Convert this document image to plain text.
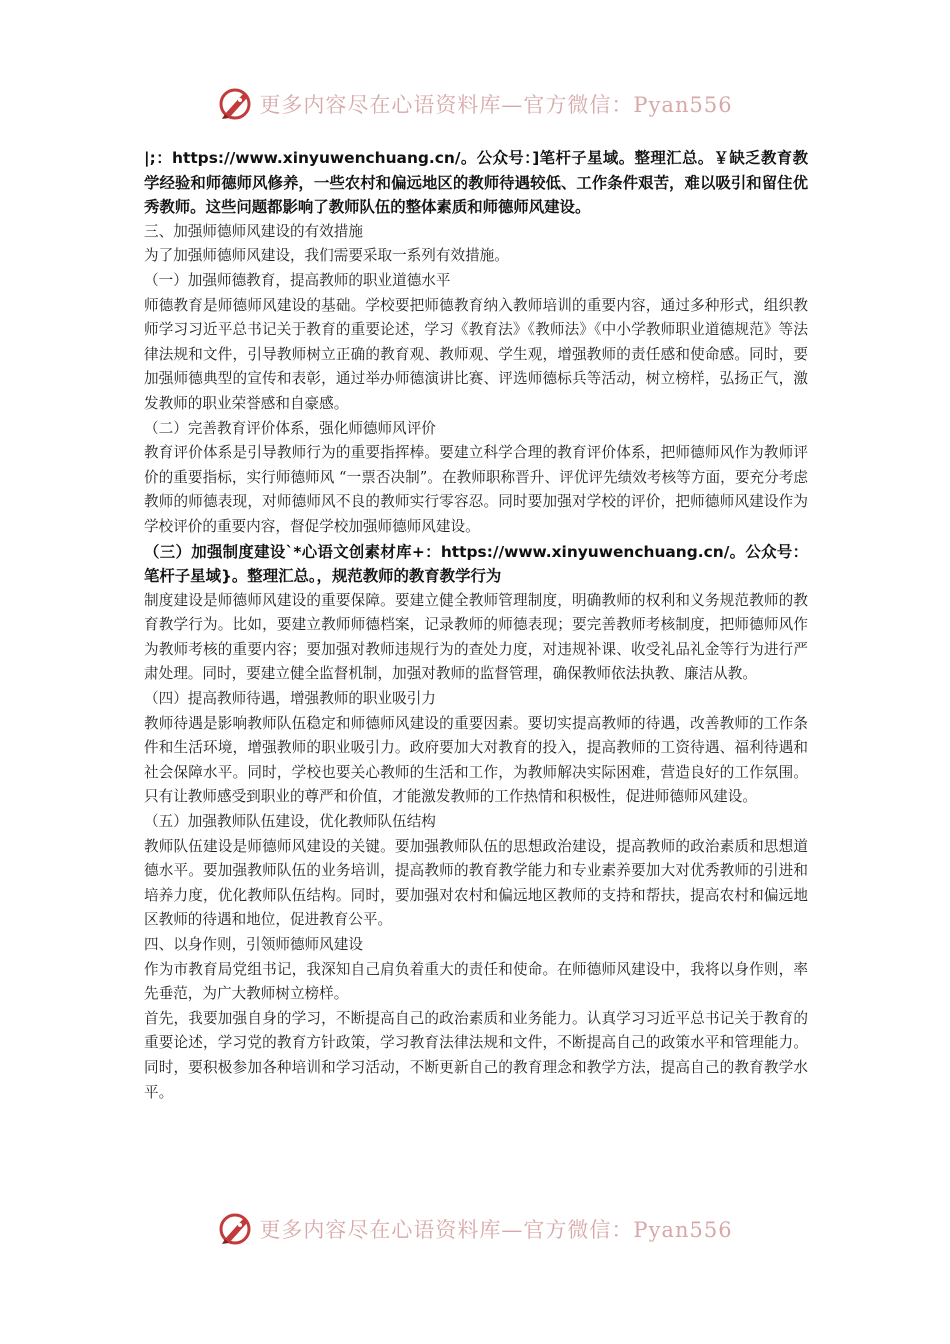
更多内容尽在心语资料库—官方微信：Pyan556

|;：https://www.xinyuwenchuang.cn/。公众号：]笔杆子星域。整理汇总。￥缺乏教育教学经验和师德师风修养，一些农村和偏远地区的教师待遇较低、工作条件艰苦，难以吸引和留住优秀教师。这些问题都影响了教师队伍的整体素质和师德师风建设。

三、加强师德师风建设的有效措施

为了加强师德师风建设，我们需要采取一系列有效措施。

（一）加强师德教育，提高教师的职业道德水平

师德教育是师德师风建设的基础。学校要把师德教育纳入教师培训的重要内容，通过多种形式，组织教师学习习近平总书记关于教育的重要论述，学习《教育法》《教师法》《中小学教师职业道德规范》等法律法规和文件，引导教师树立正确的教育观、教师观、学生观，增强教师的责任感和使命感。同时，要加强师德典型的宣传和表彰，通过举办师德演讲比赛、评选师德标兵等活动，树立榜样，弘扬正气，激发教师的职业荣誉感和自豪感。

（二）完善教育评价体系，强化师德师风评价

教育评价体系是引导教师行为的重要指挥棒。要建立科学合理的教育评价体系，把师德师风作为教师评价的重要指标，实行师德师风 “一票否决制”。在教师职称晋升、评优评先绩效考核等方面，要充分考虑教师的师德表现，对师德师风不良的教师实行零容忍。同时要加强对学校的评价，把师德师风建设作为学校评价的重要内容，督促学校加强师德师风建设。

（三）加强制度建设`*心语文创素材库+：https://www.xinyuwenchuang.cn/。公众号：笔杆子星域}。整理汇总。，规范教师的教育教学行为

制度建设是师德师风建设的重要保障。要建立健全教师管理制度，明确教师的权利和义务规范教师的教育教学行为。比如，要建立教师师德档案，记录教师的师德表现；要完善教师考核制度，把师德师风作为教师考核的重要内容；要加强对教师违规行为的查处力度，对违规补课、收受礼品礼金等行为进行严肃处理。同时，要建立健全监督机制，加强对教师的监督管理，确保教师依法执教、廉洁从教。

（四）提高教师待遇，增强教师的职业吸引力

教师待遇是影响教师队伍稳定和师德师风建设的重要因素。要切实提高教师的待遇，改善教师的工作条件和生活环境，增强教师的职业吸引力。政府要加大对教育的投入，提高教师的工资待遇、福利待遇和社会保障水平。同时，学校也要关心教师的生活和工作，为教师解决实际困难，营造良好的工作氛围。只有让教师感受到职业的尊严和价值，才能激发教师的工作热情和积极性，促进师德师风建设。

（五）加强教师队伍建设，优化教师队伍结构

教师队伍建设是师德师风建设的关键。要加强教师队伍的思想政治建设，提高教师的政治素质和思想道德水平。要加强教师队伍的业务培训，提高教师的教育教学能力和专业素养要加大对优秀教师的引进和培养力度，优化教师队伍结构。同时，要加强对农村和偏远地区教师的支持和帮扶，提高农村和偏远地区教师的待遇和地位，促进教育公平。

四、以身作则，引领师德师风建设

作为市教育局党组书记，我深知自己肩负着重大的责任和使命。在师德师风建设中，我将以身作则，率先垂范，为广大教师树立榜样。

首先，我要加强自身的学习，不断提高自己的政治素质和业务能力。认真学习习近平总书记关于教育的重要论述，学习党的教育方针政策，学习教育法律法规和文件，不断提高自己的政策水平和管理能力。同时，要积极参加各种培训和学习活动，不断更新自己的教育理念和教学方法，提高自己的教育教学水平。

更多内容尽在心语资料库—官方微信：Pyan556
